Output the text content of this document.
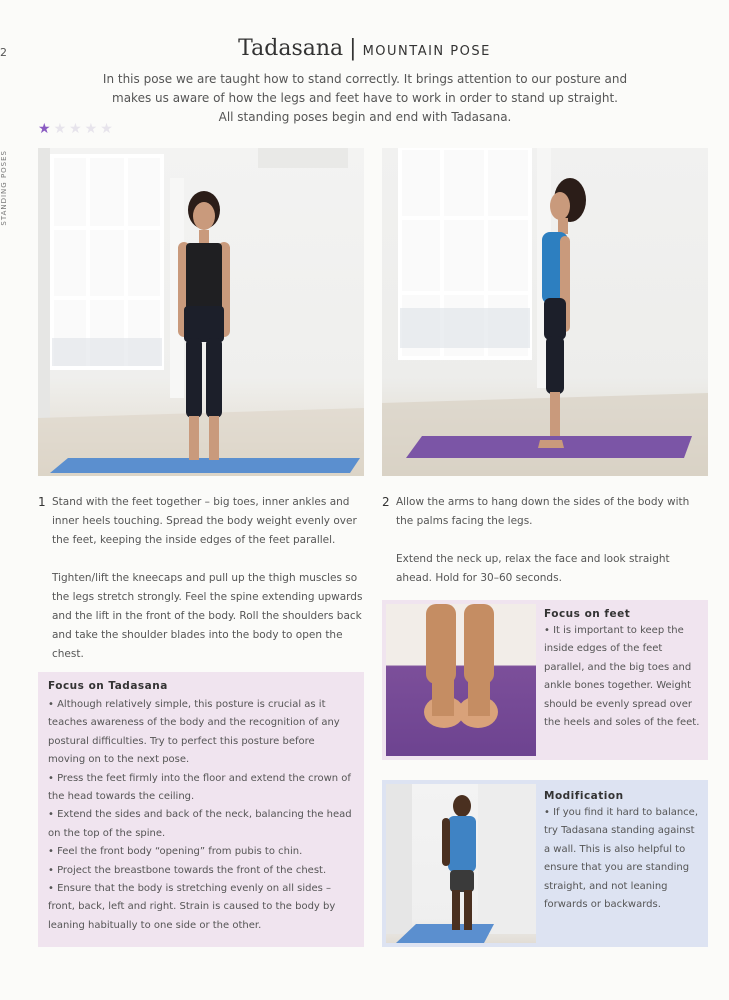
2
STANDING POSES
Tadasana | MOUNTAIN POSE
In this pose we are taught how to stand correctly. It brings attention to our posture and
makes us aware of how the legs and feet have to work in order to stand up straight.
All standing poses begin and end with Tadasana.
★★★★★
1 Stand with the feet together – big toes, inner ankles and inner heels touching. Spread the body weight evenly over the feet, keeping the inside edges of the feet parallel.
Tighten/lift the kneecaps and pull up the thigh muscles so the legs stretch strongly. Feel the spine extending upwards and the lift in the front of the body. Roll the shoulders back and take the shoulder blades into the body to open the chest.
2 Allow the arms to hang down the sides of the body with the palms facing the legs.
Extend the neck up, relax the face and look straight ahead. Hold for 30–60 seconds.
Focus on Tadasana
• Although relatively simple, this posture is crucial as it teaches awareness of the body and the recognition of any postural difficulties. Try to perfect this posture before moving on to the next pose.
• Press the feet firmly into the floor and extend the crown of the head towards the ceiling.
• Extend the sides and back of the neck, balancing the head on the top of the spine.
• Feel the front body “opening” from pubis to chin.
• Project the breastbone towards the front of the chest.
• Ensure that the body is stretching evenly on all sides – front, back, left and right. Strain is caused to the body by leaning habitually to one side or the other.
Focus on feet
• It is important to keep the inside edges of the feet parallel, and the big toes and ankle bones together. Weight should be evenly spread over the heels and soles of the feet.
Modification
• If you find it hard to balance, try Tadasana standing against a wall. This is also helpful to ensure that you are standing straight, and not leaning forwards or backwards.
